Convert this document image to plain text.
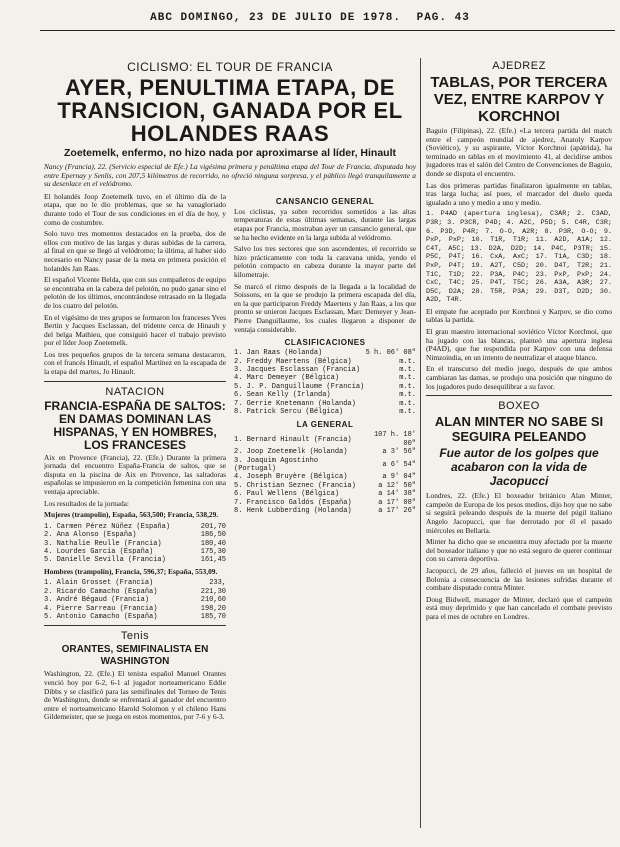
ABC DOMINGO, 23 DE JULIO DE 1978. PAG. 43
CICLISMO: EL TOUR DE FRANCIA
AYER, PENULTIMA ETAPA, DE TRANSICION, GANADA POR EL HOLANDES RAAS
Zoetemelk, enfermo, no hizo nada por aproximarse al líder, Hinault

Nancy (Francia), 22. (Servicio especial de Efe.) La vigésima primera y penúltima etapa del Tour de Francia, disputada hoy entre Epernay y Senlis, con 207,5 kilómetros de recorrido, no ofreció ninguna sorpresa, y el público llegó tranquilamente a su desenlace en el velódromo.

El holandés Joop Zoetemelk tuvo, en el último día de la etapa, que no le dio problemas, que se ha vanagloriado durante todo el Tour de sus condiciones en el día de hoy, y como de costumbre.

Solo tuvo tres momentos destacados en la prueba, dos de ellos con motivo de las largas y duras subidas de la carrera, al final en que se llegó al velódromo; la última, al haber sido necesario en Nancy pasar de la meta en primera posición el holandés Jan Raas.

El español Vicente Belda, que con sus compañeros de equipo se encontraba en la cabeza del pelotón, no pudo ganar sino el pelotón de los últimos, encontrándose retrasado en la llegada de los cuatro del pelotón.

En el vigésimo de tres grupos se formaron los franceses Yves Bertin y Jacques Esclassan, del tridente cerca de Hinault y del belga Mathieu, que consiguió hacer el trabajo previsto por el líder Joop Zoetemelk.

Los tres pequeños grupos de la tercera semana destacaron, con el francés Hinault, el español Martínez en la escapada de la etapa del martes, Jo Hinault.

NATACION
FRANCIA-ESPAÑA DE SALTOS: EN DAMAS DOMINAN LAS HISPANAS, Y EN HOMBRES, LOS FRANCESES

Aix en Provence (Francia), 22. (Efe.) Durante la primera jornada del encuentro España-Francia de saltos, que se disputa en la piscina de Aix en Provence, las saltadoras españolas se impusieron en la competición femenina con una ventaja apreciable.

Los resultados de la jornada:

Mujeres (trampolín), España, 563,500; Francia, 538,29.

1. Carmen Pérez Núñez (España)	201,70
2. Ana Alonso (España)	186,50
3. Nathalie Reulle (Francia)	180,40
4. Lourdes García (España)	175,30
5. Danielle Sevilla (Francia)	161,45

Hombres (trampolín), Francia, 596,37; España, 553,09.

1. Alain Grosset (Francia)	233,
2. Ricardo Camacho (España)	221,30
3. André Bégaud (Francia)	210,60
4. Pierre Sarreau (Francia)	198,20
5. Antonio Camacho (España)	185,70
Tenis
ORANTES, SEMIFINALISTA EN WASHINGTON

Washington, 22. (Efe.) El tenista español Manuel Orantes venció hoy por 6-2, 6-1 al jugador norteamericano Eddie Dibbs y se clasificó para las semifinales del Torneo de Tenis de Washington, donde se enfrentará al ganador del encuentro entre el norteamericano Harold Solomon y el chileno Hans Gildemeister, que se juega en estos momentos, por 7-6 y 6-3.

CANSANCIO GENERAL

Los ciclistas, ya sobre recorridos sometidos a las altas temperaturas de estas últimas semanas, durante las largas etapas por Francia, mostraban ayer un cansancio general, que se ha hecho evidente en la larga subida al velódromo.

Salvo los tres sectores que son ascendentes, el recorrido se hizo prácticamente con toda la caravana unida, yendo el pelotón compacto en cabeza durante la mayor parte del kilometraje.

Se marcó el ritmo después de la llegada a la localidad de Soissons, en la que se produjo la primera escapada del día, en la que participaron Freddy Maertens y Jan Raas, a los que pronto se unieron Jacques Esclassan, Marc Demeyer y Jean-Pierre Danguillaume, los cuales llegaron a disponer de ventaja considerable.

CLASIFICACIONES
1. Jan Raas (Holanda)	5 h. 06' 08"
2. Freddy Maertens (Bélgica)	m.t.
3. Jacques Esclassan (Francia)	m.t.
4. Marc Demeyer (Bélgica)	m.t.
5. J. P. Danguillaume (Francia)	m.t.
6. Sean Kelly (Irlanda)	m.t.
7. Gerrie Knetemann (Holanda)	m.t.
8. Patrick Sercu (Bélgica)	m.t.
LA GENERAL
1. Bernard Hinault (Francia)	107 h. 18' 00"
2. Joop Zoetemelk (Holanda)	a 3' 56"
3. Joaquim Agostinho (Portugal)	a 6' 54"
4. Joseph Bruyère (Bélgica)	a 9' 04"
5. Christian Seznec (Francia)	a 12' 50"
6. Paul Wellens (Bélgica)	a 14' 38"
7. Francisco Galdós (España)	a 17' 08"
8. Henk Lubberding (Holanda)	a 17' 26"
AJEDREZ
TABLAS, POR TERCERA VEZ, ENTRE KARPOV Y KORCHNOI

Baguio (Filipinas), 22. (Efe.) «La tercera partida del match entre el campeón mundial de ajedrez, Anatoly Karpov (Soviético), y su aspirante, Víctor Korchnoi (apátrida), ha terminado en tablas en el movimiento 41, al decidirse ambos jugadores tras el salón del Centro de Convenciones de Baguio, donde se disputa el encuentro.

Las dos primeras partidas finalizaron igualmente en tablas, tras larga lucha; así pues, el marcador del duelo queda igualado a uno y medio a uno y medio.

1. P4AD (apertura inglesa), C3AR; 2. C3AD, P3R; 3. P3CR, P4D; 4. A2C, P5D; 5. C4R, C3R; 6. P3D, P4R; 7. O-O, A2R; 8. P3R, O-O; 9. PxP, PxP; 10. T1R, T1R; 11. A2D, A1A; 12. C4T, A5C; 13. D2A, D2D; 14. P4C, P3TR; 15. P5C, P4T; 16. CxA, AxC; 17. T1A, C3D; 18. PxP, P4T; 19. A2T, C5D; 20. D4T, T2R; 21. T1C, T1D; 22. P3A, P4C; 23. PxP, PxP; 24. CxC, T4C; 25. P4T, T5C; 26. A3A, A3R; 27. D5C, D2A; 28. T5R, P3A; 29. D3T, D2D; 30. A2D, T4R.

El empate fue aceptado por Korchnoi y Karpov, se dio como tablas la partida.

El gran maestro internacional soviético Víctor Korchnoi, que ha jugado con las blancas, planteó una apertura inglesa (P4AD), que fue respondida por Karpov con una defensa Nimzoindia, en un intento de neutralizar el ataque blanco.

En el transcurso del medio juego, después de que ambos cambiaran las damas, se produjo una posición que ninguno de los jugadores pudo desequilibrar a su favor.

BOXEO
ALAN MINTER NO SABE SI SEGUIRA PELEANDO
Fue autor de los golpes que acabaron con la vida de Jacopucci

Londres, 22. (Efe.) El boxeador británico Alan Minter, campeón de Europa de los pesos medios, dijo hoy que no sabe si seguirá peleando después de la muerte del púgil italiano Angelo Jacopucci, que fue derrotado por él el pasado miércoles en Bellaria.

Minter ha dicho que se encuentra muy afectado por la muerte del boxeador italiano y que no está seguro de querer continuar con su carrera deportiva.

Jacopucci, de 29 años, falleció el jueves en un hospital de Bolonia a consecuencia de las lesiones sufridas durante el combate disputado contra Minter.

Doug Bidwell, manager de Minter, declaró que el campeón está muy deprimido y que han cancelado el combate previsto para el mes de octubre en Londres.
